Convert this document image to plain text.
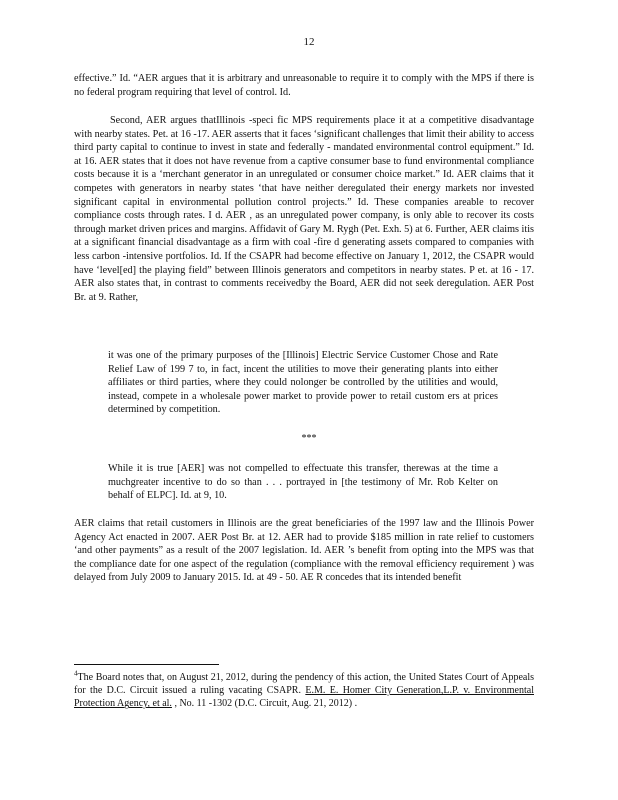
12
effective.” Id. “AER argues that it is arbitrary and unreasonable to require it to comply with the MPS if there is no federal program requiring that level of control. Id.
Second, AER argues thatIllinois -speci fic MPS requirements place it at a competitive disadvantage with nearby states. Pet. at 16 -17. AER asserts that it faces ‘significant challenges that limit their ability to access third party capital to continue to invest in state and federally - mandated environmental control equipment.” Id. at 16. AER states that it does not have revenue from a captive consumer base to fund environmental compliance costs because it is a ‘merchant generator in an unregulated or consumer choice market.” Id. AER claims that it competes with generators in nearby states ‘that have neither deregulated their energy markets nor invested significant capital in environmental pollution control projects.” Id. These companies areable to recover compliance costs through rates. I d. AER , as an unregulated power company, is only able to recover its costs through market driven prices and margins. Affidavit of Gary M. Rygh (Pet. Exh. 5) at 6. Further, AER claims itis at a significant financial disadvantage as a firm with coal -fire d generating assets compared to companies with less carbon -intensive portfolios. Id. If the CSAPR had become effective on January 1, 2012, the CSAPR would have ‘level[ed] the playing field” between Illinois generators and competitors in nearby states. P et. at 16 - 17. AER also states that, in contrast to comments receivedby the Board, AER did not seek deregulation. AER Post Br. at 9. Rather,
it was one of the primary purposes of the [Illinois] Electric Service Customer Chose and Rate Relief Law of 199 7 to, in fact, incent the utilities to move their generating plants into either affiliates or third parties, where they could nolonger be controlled by the utilities and would, instead, compete in a wholesale power market to provide power to retail custom ers at prices determined by competition.
***
While it is true [AER] was not compelled to effectuate this transfer, therewas at the time a muchgreater incentive to do so than . . . portrayed in [the testimony of Mr. Rob Kelter on behalf of ELPC]. Id. at 9, 10.
AER claims that retail customers in Illinois are the great beneficiaries of the 1997 law and the Illinois Power Agency Act enacted in 2007. AER Post Br. at 12. AER had to provide $185 million in rate relief to customers ‘and other payments” as a result of the 2007 legislation. Id. AER ’s benefit from opting into the MPS was that the compliance date for one aspect of the regulation (compliance with the removal efficiency requirement ) was delayed from July 2009 to January 2015. Id. at 49 - 50. AE R concedes that its intended benefit
$^4$The Board notes that, on August 21, 2012, during the pendency of this action, the United States Court of Appeals for the D.C. Circuit issued a ruling vacating CSAPR. E.M. E. Homer City Generation,L.P. v. Environmental Protection Agency, et al. , No. 11 -1302 (D.C. Circuit, Aug. 21, 2012) .
